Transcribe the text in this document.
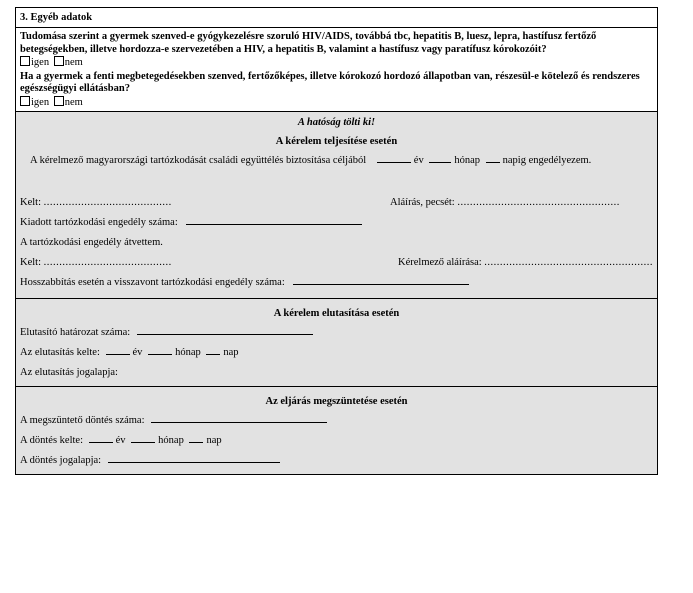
3. Egyéb adatok
Tudomása szerint a gyermek szenved-e gyógykezelésre szoruló HIV/AIDS, továbbá tbc, hepatitis B, luesz, lepra, hastífusz fertőző betegségekben, illetve hordozza-e szervezetében a HIV, a hepatitis B, valamint a hastífusz vagy paratífusz kórokozóit?
igen nem
Ha a gyermek a fenti megbetegedésekben szenved, fertőzőképes, illetve kórokozó hordozó állapotban van, részesül-e kötelező és rendszeres egészségügyi ellátásban?
igen nem
A hatóság tölti ki!
A kérelem teljesítése esetén
A kérelmező magyarországi tartózkodását családi együttélés biztosítása céljából	év	hónap napig engedélyezem.
Kelt: .........................................	Aláírás, pecsét: ....................................................
Kiadott tartózkodási engedély száma:
A tartózkodási engedély átvettem.
Kelt: .........................................	Kérelmező aláírása: ......................................................
Hosszabbítás esetén a visszavont tartózkodási engedély száma:
A kérelem elutasítása esetén
Elutasító határozat száma:
Az elutasítás kelte:	év	hónap nap
Az elutasítás jogalapja:
Az eljárás megszüntetése esetén
A megszüntető döntés száma:
A döntés kelte:	év	hónap nap
A döntés jogalapja:
